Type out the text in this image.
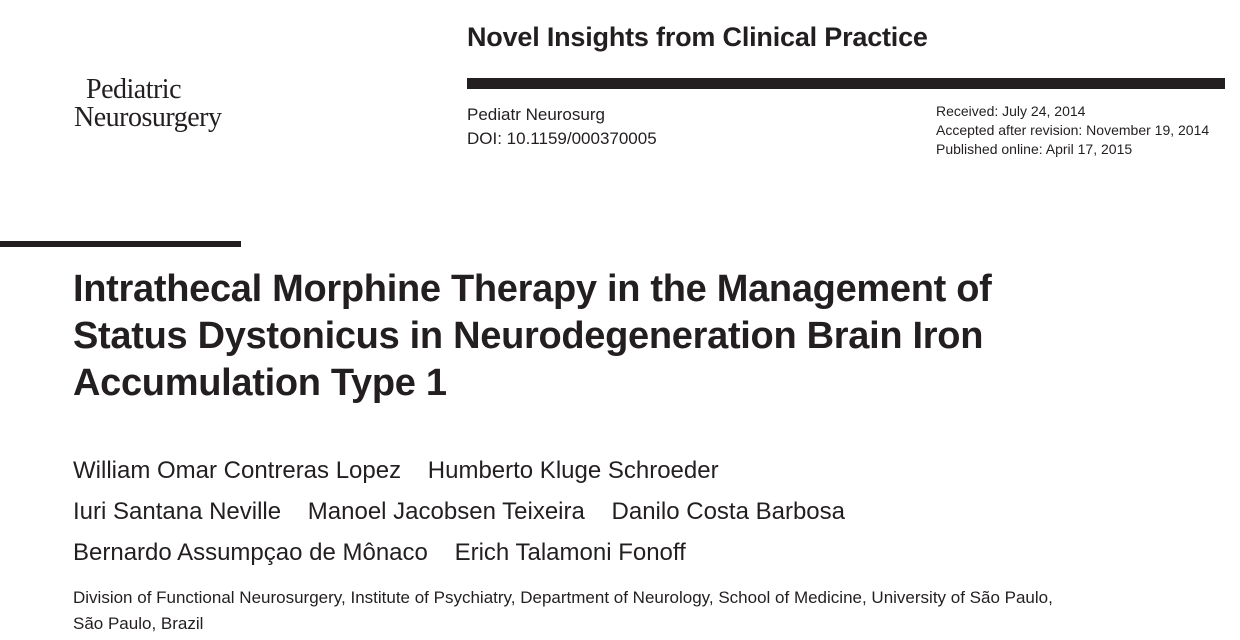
Pediatric
Neurosurgery
Novel Insights from Clinical Practice
Pediatr Neurosurg
DOI: 10.1159/000370005
Received: July 24, 2014
Accepted after revision: November 19, 2014
Published online: April 17, 2015
Intrathecal Morphine Therapy in the Management of Status Dystonicus in Neurodegeneration Brain Iron Accumulation Type 1
William Omar Contreras Lopez Humberto Kluge Schroeder
Iuri Santana Neville Manoel Jacobsen Teixeira Danilo Costa Barbosa
Bernardo Assumpçao de Mônaco Erich Talamoni Fonoff
Division of Functional Neurosurgery, Institute of Psychiatry, Department of Neurology, School of Medicine, University of São Paulo, São Paulo, Brazil
